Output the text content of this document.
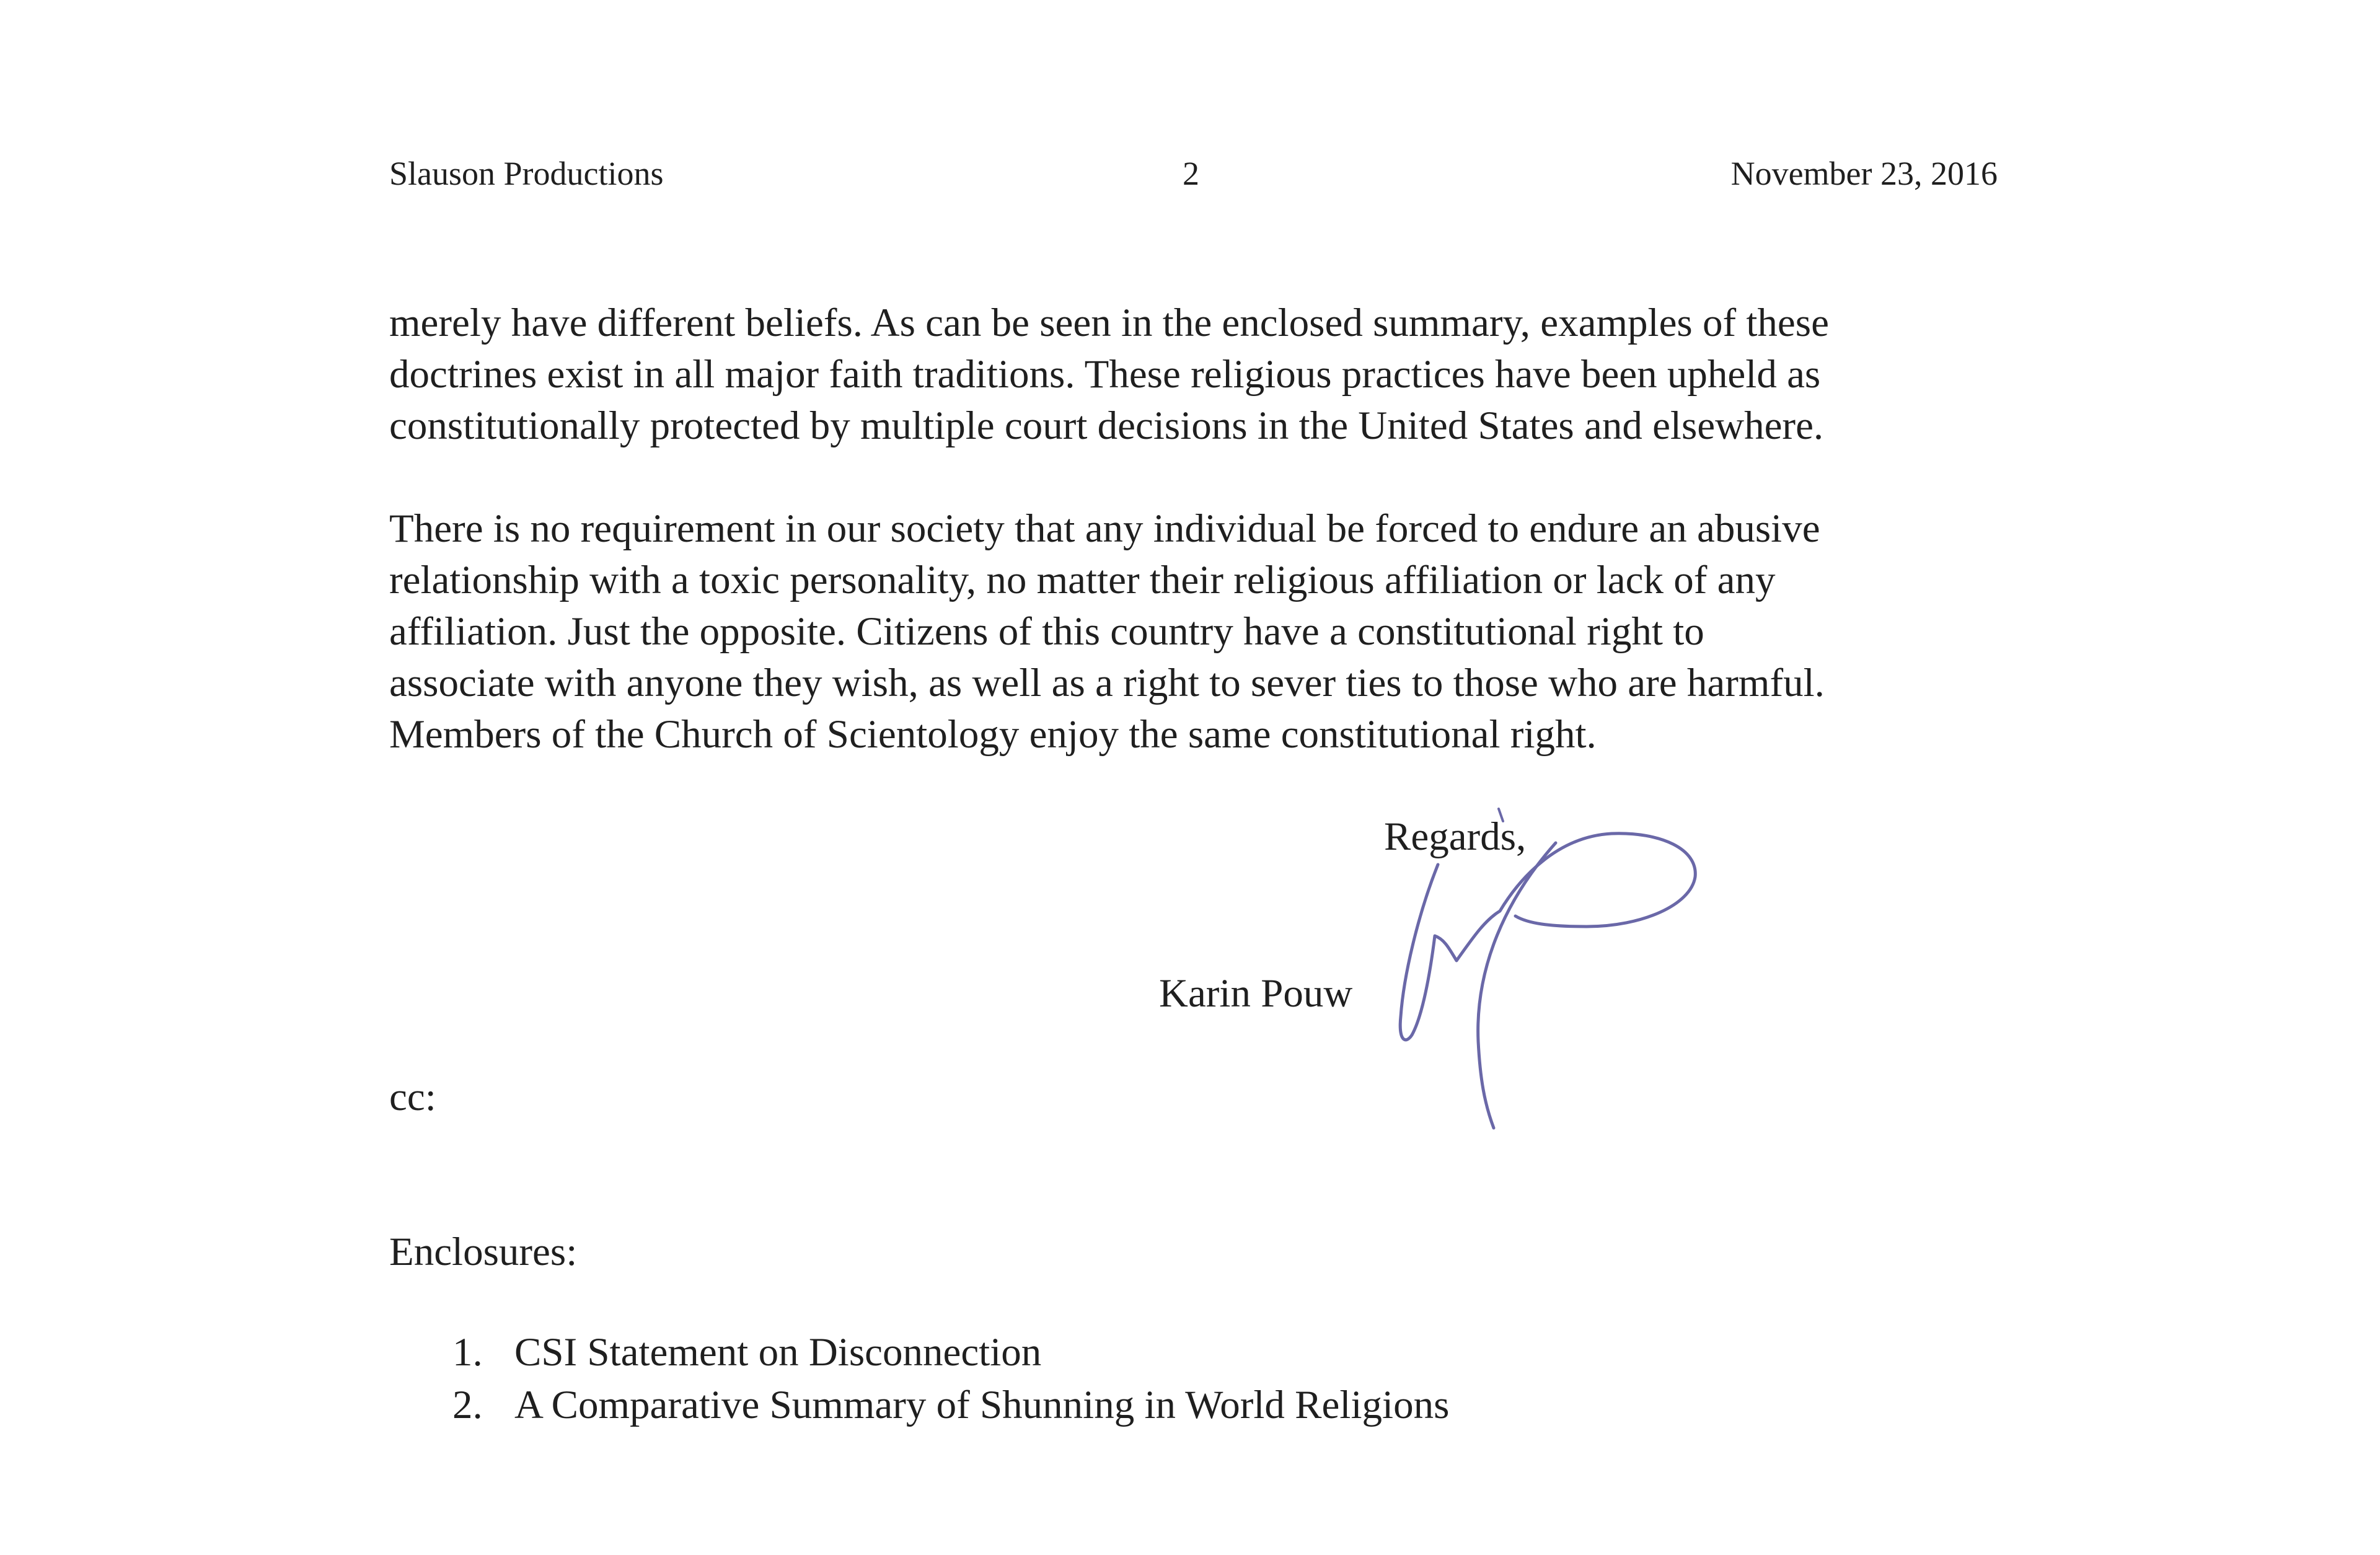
Slauson Productions	2	November 23, 2016

merely have different beliefs. As can be seen in the enclosed summary, examples of these
doctrines exist in all major faith traditions. These religious practices have been upheld as
constitutionally protected by multiple court decisions in the United States and elsewhere.

There is no requirement in our society that any individual be forced to endure an abusive
relationship with a toxic personality, no matter their religious affiliation or lack of any
affiliation. Just the opposite. Citizens of this country have a constitutional right to
associate with anyone they wish, as well as a right to sever ties to those who are harmful.
Members of the Church of Scientology enjoy the same constitutional right.

Regards,
Karin Pouw
cc:
Enclosures:
1. CSI Statement on Disconnection
2. A Comparative Summary of Shunning in World Religions
